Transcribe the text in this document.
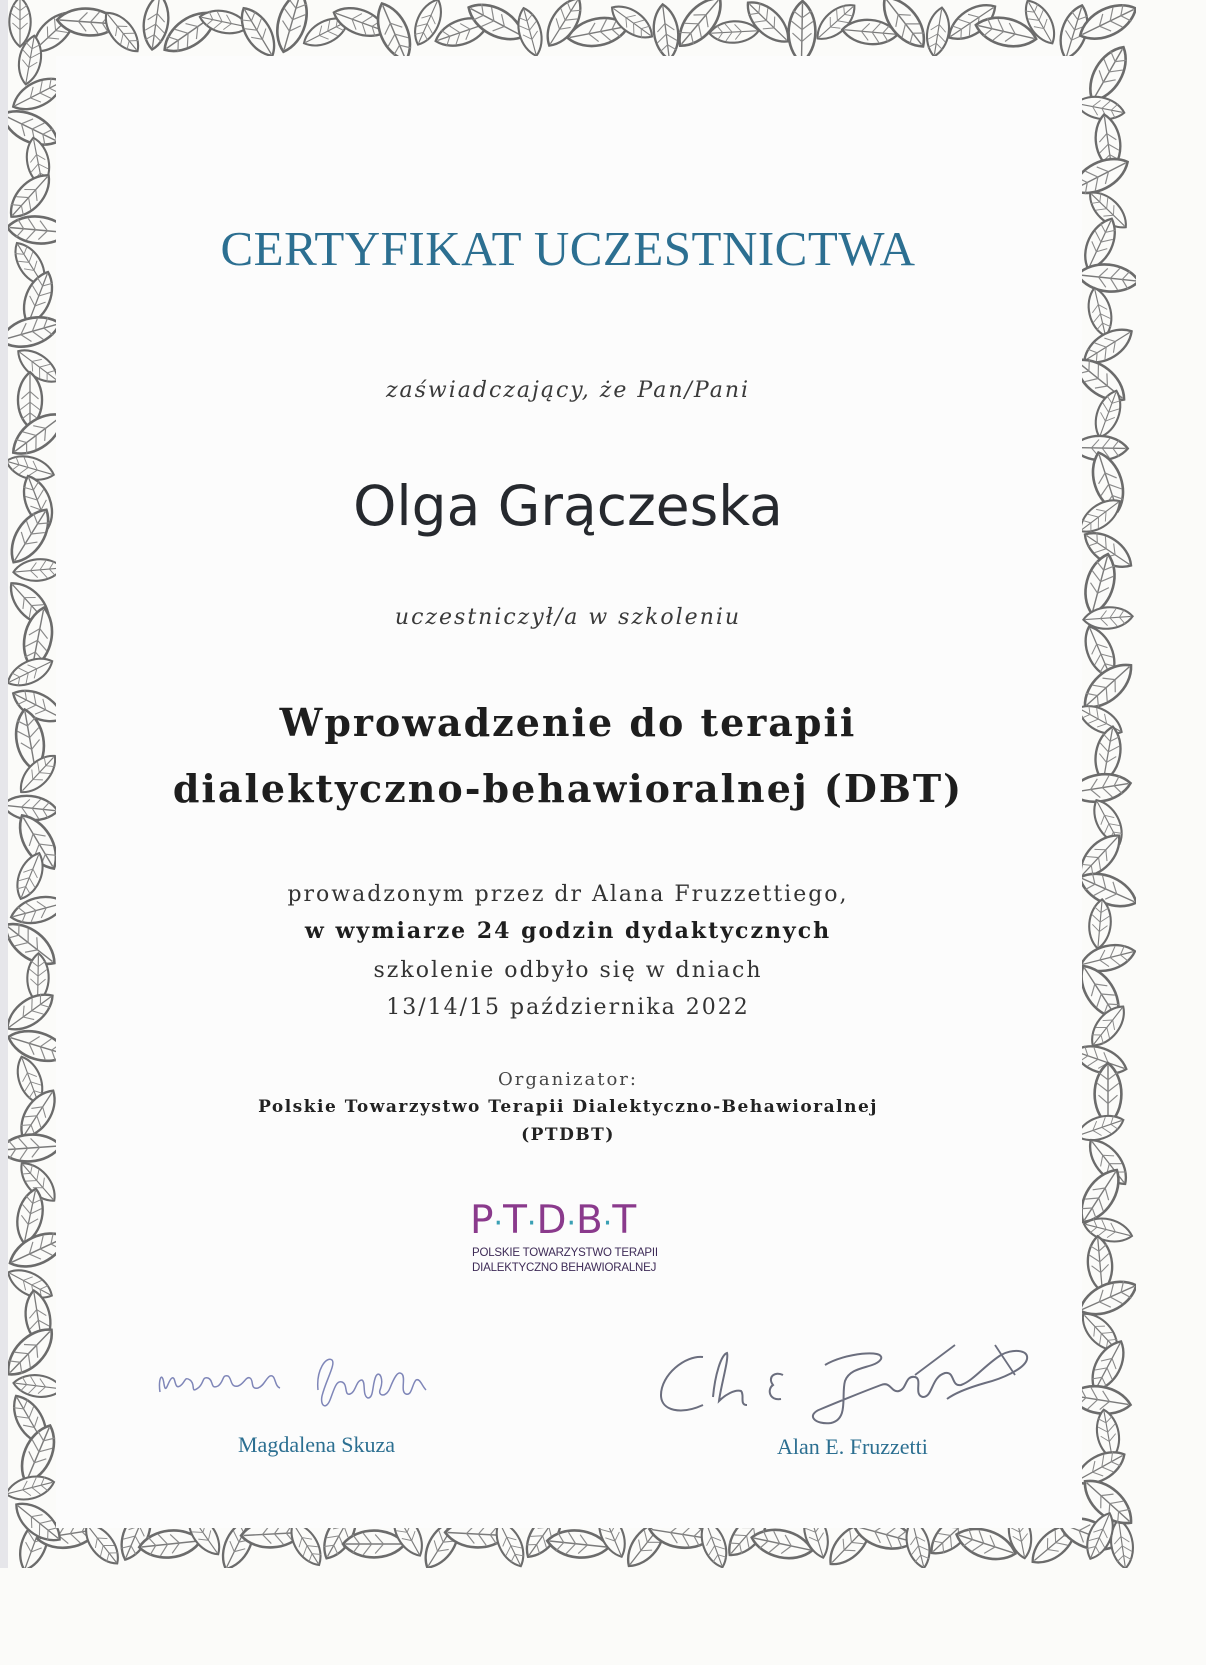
CERTYFIKAT UCZESTNICTWA
zaświadczający, że Pan/Pani
Olga Grączeska
uczestniczył/a w szkoleniu
Wprowadzenie do terapii
dialektyczno-behawioralnej (DBT)
prowadzonym przez dr Alana Fruzzettiego,
w wymiarze 24 godzin dydaktycznych
szkolenie odbyło się w dniach
13/14/15 października 2022
Organizator:
Polskie Towarzystwo Terapii Dialektyczno-Behawioralnej
(PTDBT)
P·T·D·B·T
POLSKIE TOWARZYSTWO TERAPII
DIALEKTYCZNO BEHAWIORALNEJ
Magdalena Skuza	Alan E. Fruzzetti
